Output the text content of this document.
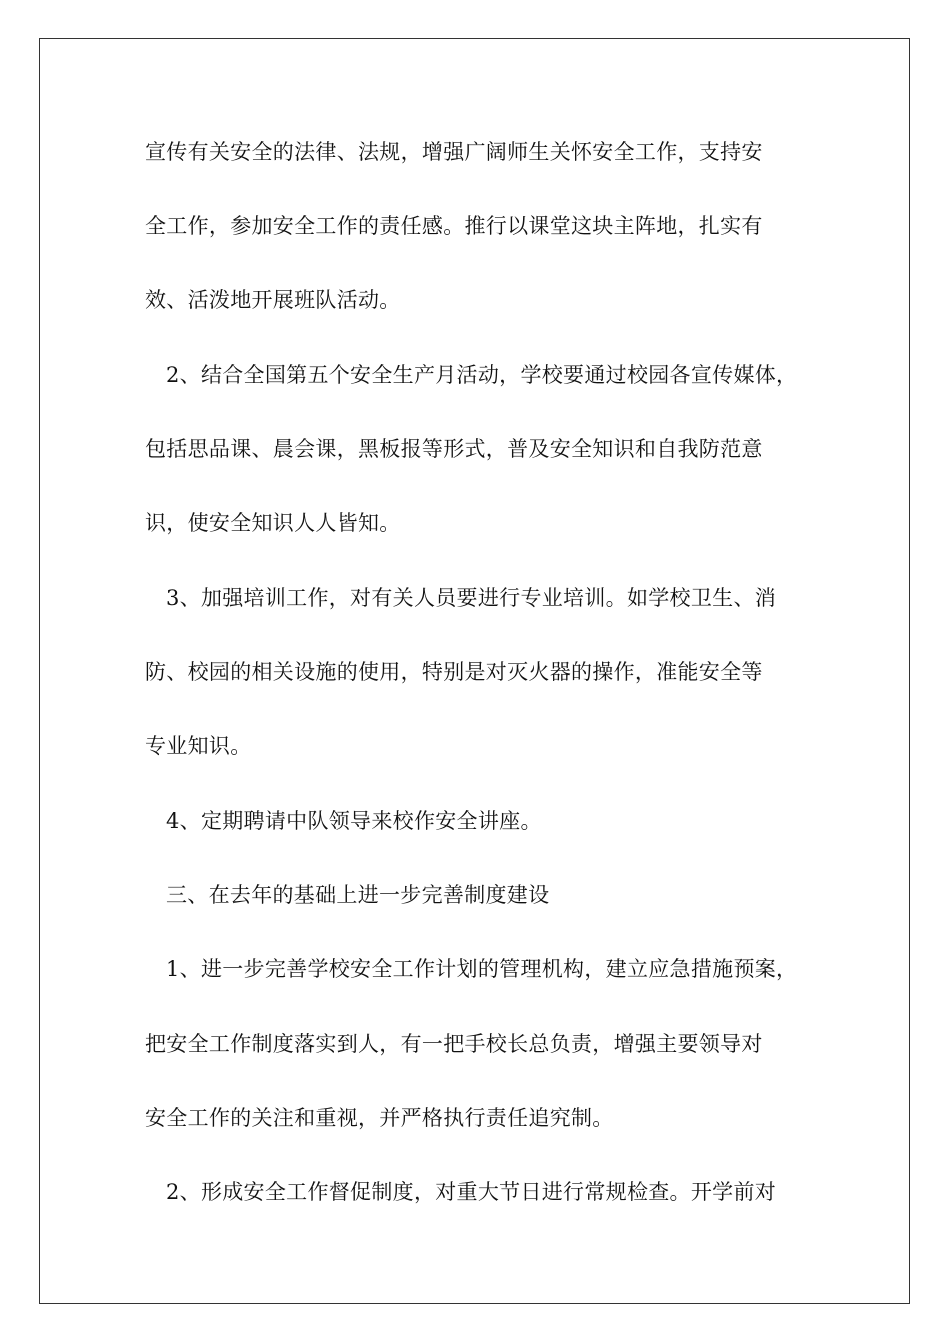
宣传有关安全的法律、法规，增强广阔师生关怀安全工作，支持安
全工作，参加安全工作的责任感。推行以课堂这块主阵地，扎实有
效、活泼地开展班队活动。
2、结合全国第五个安全生产月活动，学校要通过校园各宣传媒体，
包括思品课、晨会课，黑板报等形式，普及安全知识和自我防范意
识，使安全知识人人皆知。
3、加强培训工作，对有关人员要进行专业培训。如学校卫生、消
防、校园的相关设施的使用，特别是对灭火器的操作，准能安全等
专业知识。
4、定期聘请中队领导来校作安全讲座。
三、在去年的基础上进一步完善制度建设
1、进一步完善学校安全工作计划的管理机构，建立应急措施预案，
把安全工作制度落实到人，有一把手校长总负责，增强主要领导对
安全工作的关注和重视，并严格执行责任追究制。
2、形成安全工作督促制度，对重大节日进行常规检查。开学前对
